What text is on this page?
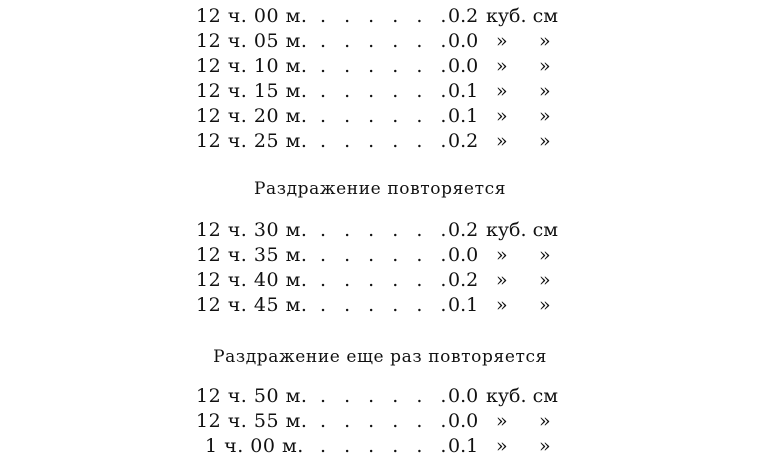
12 ч. 00 м. . . . . . .
0.2 куб. см
12 ч. 05 м. . . . . . .
0.0 » »
12 ч. 10 м. . . . . . .
0.0 » »
12 ч. 15 м. . . . . . .
0.1 » »
12 ч. 20 м. . . . . . .
0.1 » »
12 ч. 25 м. . . . . . .
0.2 » »
Раздражение повторяется
12 ч. 30 м. . . . . . .
0.2 куб. см
12 ч. 35 м. . . . . . .
0.0 » »
12 ч. 40 м. . . . . . .
0.2 » »
12 ч. 45 м. . . . . . .
0.1 » »
Раздражение еще раз повторяется
12 ч. 50 м. . . . . . .
0.0 куб. см
12 ч. 55 м. . . . . . .
0.0 » »
1 ч. 00 м. . . . . . .
0.1 » »
